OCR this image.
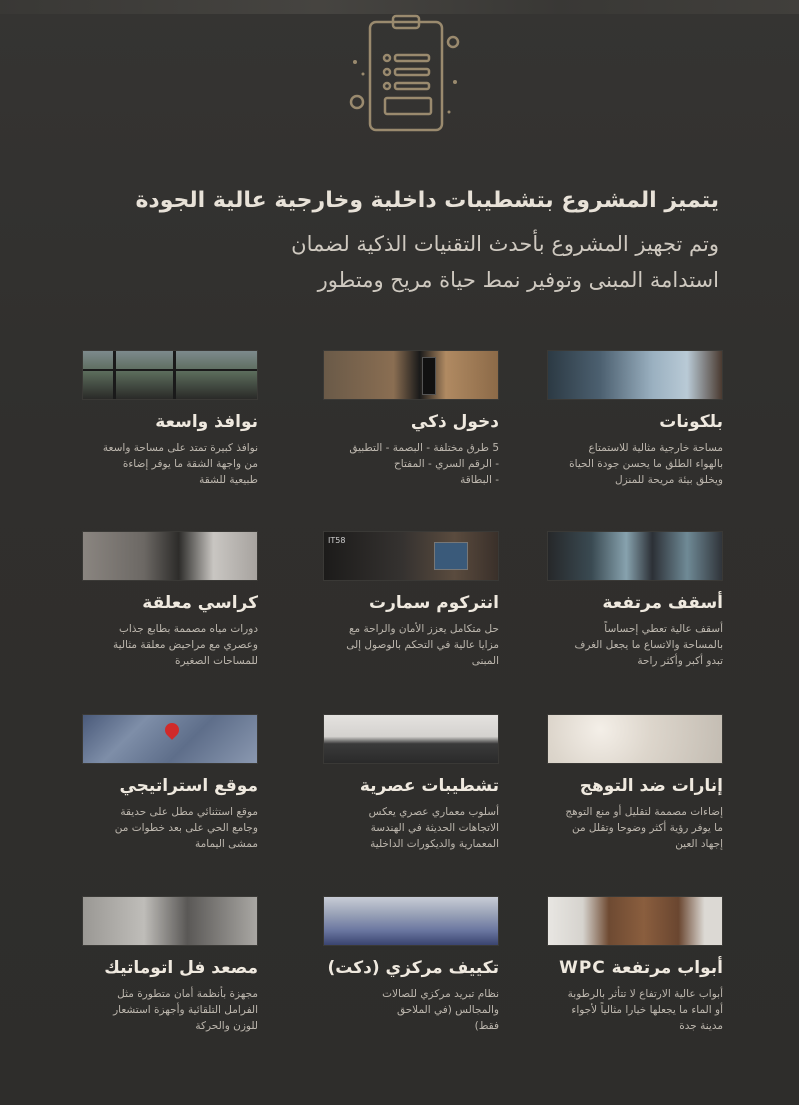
يتميز المشروع بتشطيبات داخلية وخارجية عالية الجودة
وتم تجهيز المشروع بأحدث التقنيات الذكية لضمان
استدامة المبنى وتوفير نمط حياة مريح ومتطور
بلكونات
مساحة خارجية مثالية للاستمتاع
بالهواء الطلق ما يحسن جودة الحياة
ويخلق بيئة مريحة للمنزل
دخول ذكي
5 طرق مختلفة - البصمة - التطبيق
- الرقم السري - المفتاح
- البطاقة
نوافذ واسعة
نوافذ كبيرة تمتد على مساحة واسعة
من واجهة الشقة ما يوفر إضاءة
طبيعية للشقة
أسقف مرتفعة
أسقف عالية تعطي إحساساً
بالمساحة والاتساع ما يجعل الغرف
تبدو أكبر وأكثر راحة
IT58
انتركوم سمارت
حل متكامل يعزز الأمان والراحة مع
مزايا عالية في التحكم بالوصول إلى
المبنى
كراسي معلقة
دورات مياه مصممة بطابع جذاب
وعصري مع مراحيض معلقة مثالية
للمساحات الصغيرة
إنارات ضد التوهج
إضاءات مصممة لتقليل أو منع التوهج
ما يوفر رؤية أكثر وضوحا وتقلل من
إجهاد العين
تشطيبات عصرية
أسلوب معماري عصري يعكس
الاتجاهات الحديثة في الهندسة
المعمارية والديكورات الداخلية
موقع استراتيجي
موقع استثنائي مطل على حديقة
وجامع الحي على بعد خطوات من
ممشى اليمامة
أبواب مرتفعة WPC
أبواب عالية الارتفاع لا تتأثر بالرطوبة
أو الماء ما يجعلها خيارا مثالياً لأجواء
مدينة جدة
تكييف مركزي (دكت)
نظام تبريد مركزي للصالات
والمجالس (في الملاحق
فقط)
مصعد فل اتوماتيك
مجهزة بأنظمة أمان متطورة مثل
الفرامل التلقائية وأجهزة استشعار
للوزن والحركة
